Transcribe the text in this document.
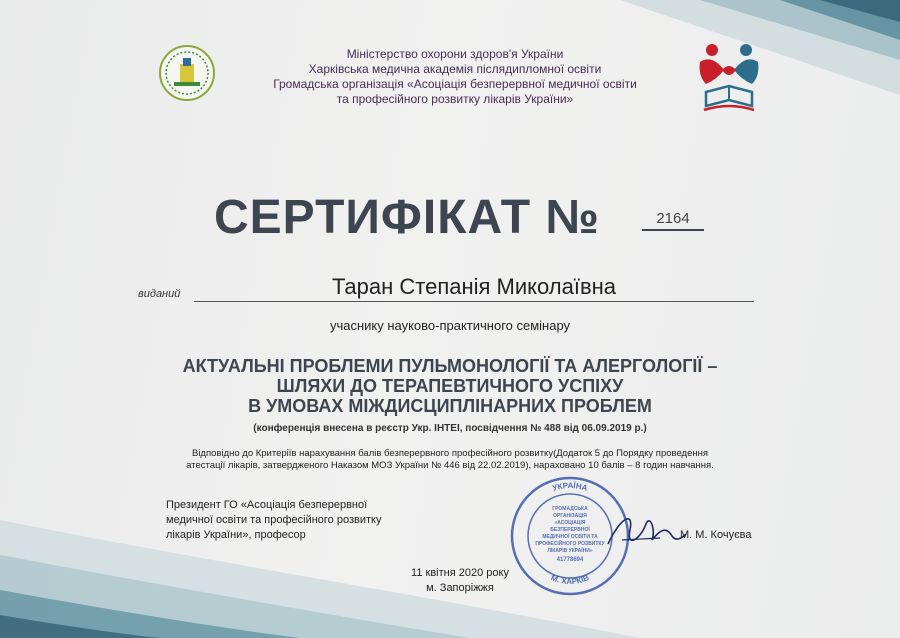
Міністерство охорони здоров'я України
Харківська медична академія післядипломної освіти
Громадська організація «Асоціація безперервної медичної освіти
та професійного розвитку лікарів України»
СЕРТИФІКАТ №	2164
виданий	Таран Степанія Миколаївна
учаснику науково-практичного семінару
АКТУАЛЬНІ ПРОБЛЕМИ ПУЛЬМОНОЛОГІЇ ТА АЛЕРГОЛОГІЇ –
ШЛЯХИ ДО ТЕРАПЕВТИЧНОГО УСПІХУ
В УМОВАХ МІЖДИСЦИПЛІНАРНИХ ПРОБЛЕМ
(конференція внесена в реєстр Укр. ІНТЕІ, посвідчення № 488 від 06.09.2019 р.)
Відповідно до Критеріїв нарахування балів безперервного професійного розвитку(Додаток 5 до Порядку проведення
атестації лікарів, затвердженого Наказом МОЗ України № 446 від 22.02.2019), нараховано 10 балів – 8 годин навчання.
Президент ГО «Асоціація безперервної
медичної освіти та професійного розвитку
лікарів України», професор
УКРАЇНА
М. ХАРКІВ
ГРОМАДСЬКА
ОРГАНІЗАЦІЯ
«АСОЦІАЦІЯ
БЕЗПЕРЕРВНОЇ
МЕДИЧНОЇ ОСВІТИ ТА
ПРОФЕСІЙНОГО РОЗВИТКУ
ЛІКАРІВ УКРАЇНИ»
41778694
М. М. Кочуєва
11 квітня 2020 року
м. Запоріжжя
